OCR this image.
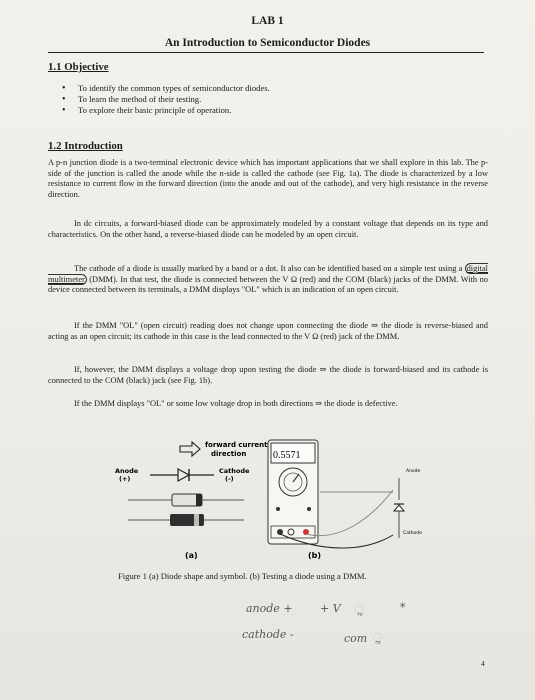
LAB 1
An Introduction to Semiconductor Diodes
1.1 Objective
• To identify the common types of semiconductor diodes.
• To learn the method of their testing.
• To explore their basic principle of operation.
1.2 Introduction
A p-n junction diode is a two-terminal electronic device which has important applications that we shall explore in this lab. The p-side of the junction is called the anode while the n-side is called the cathode (see Fig. 1a). The diode is characterized by a low resistance to current flow in the forward direction (into the anode and out of the cathode), and very high resistance in the reverse direction.
In dc circuits, a forward-biased diode can be approximately modeled by a constant voltage that depends on its type and characteristics. On the other hand, a reverse-biased diode can be modeled by an open circuit.
The cathode of a diode is usually marked by a band or a dot. It also can be identified based on a simple test using a digital multimeter (DMM). In that test, the diode is connected between the V Ω (red) and the COM (black) jacks of the DMM. With no device connected between its terminals, a DMM displays "OL" which is an indication of an open circuit.
If the DMM "OL" (open circuit) reading does not change upon connecting the diode ⇒ the diode is reverse-biased and acting as an open circuit; its cathode in this case is the lead connected to the V Ω (red) jack of the DMM.
If, however, the DMM displays a voltage drop upon testing the diode ⇒ the diode is forward-biased and its cathode is connected to the COM (black) jack (see Fig. 1b).
If the DMM displays "OL" or some low voltage drop in both directions ⇒ the diode is defective.
forward current
direction
Anode
(+)
Cathode
(-)
0.5571
Anode
Cathode
(a)	(b)
Figure 1 (a) Diode shape and symbol. (b) Testing a diode using a DMM.
anode + + V ૢ	*
cathode -	com ૢ
4
